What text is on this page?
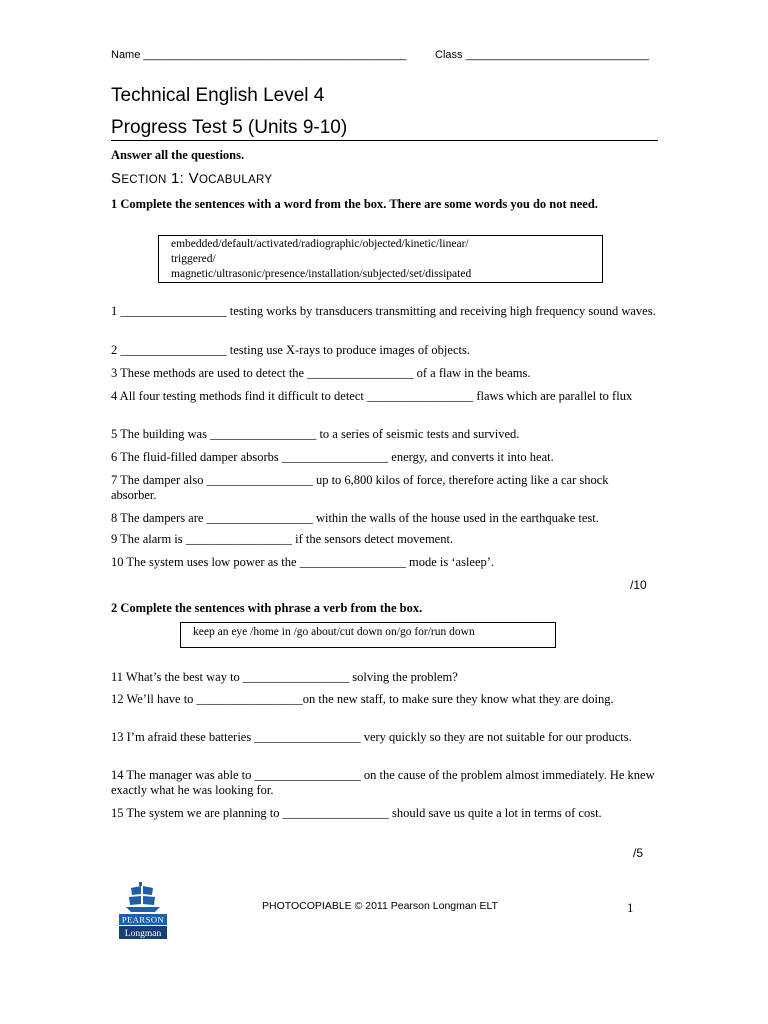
Name ___________________________________________	Class ______________________________
Technical English Level 4
Progress Test 5 (Units 9-10)
Answer all the questions.
SECTION 1: VOCABULARY
1 Complete the sentences with a word from the box. There are some words you do not need.
embedded/default/activated/radiographic/objected/kinetic/linear/
triggered/
magnetic/ultrasonic/presence/installation/subjected/set/dissipated
1 _________________ testing works by transducers transmitting and receiving high frequency sound waves.
2 _________________ testing use X-rays to produce images of objects.
3 These methods are used to detect the _________________ of a flaw in the beams.
4 All four testing methods find it difficult to detect _________________ flaws which are parallel to flux
5 The building was _________________ to a series of seismic tests and survived.
6 The fluid-filled damper absorbs _________________ energy, and converts it into heat.
7 The damper also _________________ up to 6,800 kilos of force, therefore acting like a car shock absorber.
8 The dampers are _________________ within the walls of the house used in the earthquake test.
9 The alarm is _________________ if the sensors detect movement.
10 The system uses low power as the _________________ mode is ‘asleep’.
/10
2 Complete the sentences with phrase a verb from the box.
keep an eye /home in /go about/cut down on/go for/run down
11 What’s the best way to _________________ solving the problem?
12 We’ll have to _________________on the new staff, to make sure they know what they are doing.
13 I’m afraid these batteries _________________ very quickly so they are not suitable for our products.
14 The manager was able to _________________ on the cause of the problem almost immediately. He knew exactly what he was looking for.
15 The system we are planning to _________________ should save us quite a lot in terms of cost.
/5
PEARSON
Longman
PHOTOCOPIABLE © 2011 Pearson Longman ELT	1
